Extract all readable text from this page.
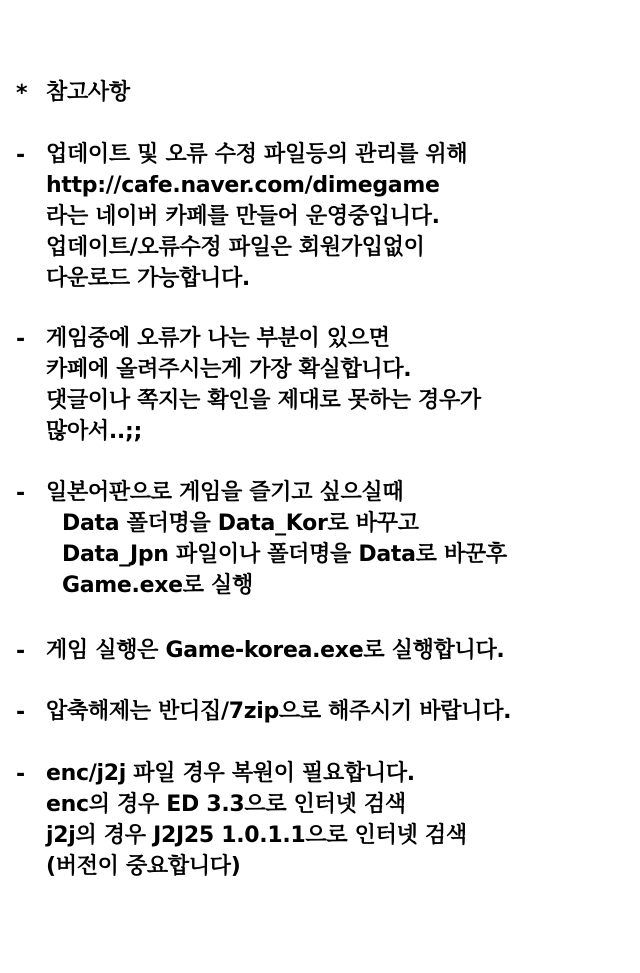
* 참고사항
- 업데이트 및 오류 수정 파일등의 관리를 위해
http://cafe.naver.com/dimegame
라는 네이버 카페를 만들어 운영중입니다.
업데이트/오류수정 파일은 회원가입없이
다운로드 가능합니다.
- 게임중에 오류가 나는 부분이 있으면
카페에 올려주시는게 가장 확실합니다.
댓글이나 쪽지는 확인을 제대로 못하는 경우가
많아서..;;
- 일본어판으로 게임을 즐기고 싶으실때
Data 폴더명을 Data_Kor로 바꾸고
Data_Jpn 파일이나 폴더명을 Data로 바꾼후
Game.exe로 실행
- 게임 실행은 Game-korea.exe로 실행합니다.
- 압축해제는 반디집/7zip으로 해주시기 바랍니다.
- enc/j2j 파일 경우 복원이 필요합니다.
enc의 경우 ED 3.3으로 인터넷 검색
j2j의 경우 J2J25 1.0.1.1으로 인터넷 검색
(버전이 중요합니다)
